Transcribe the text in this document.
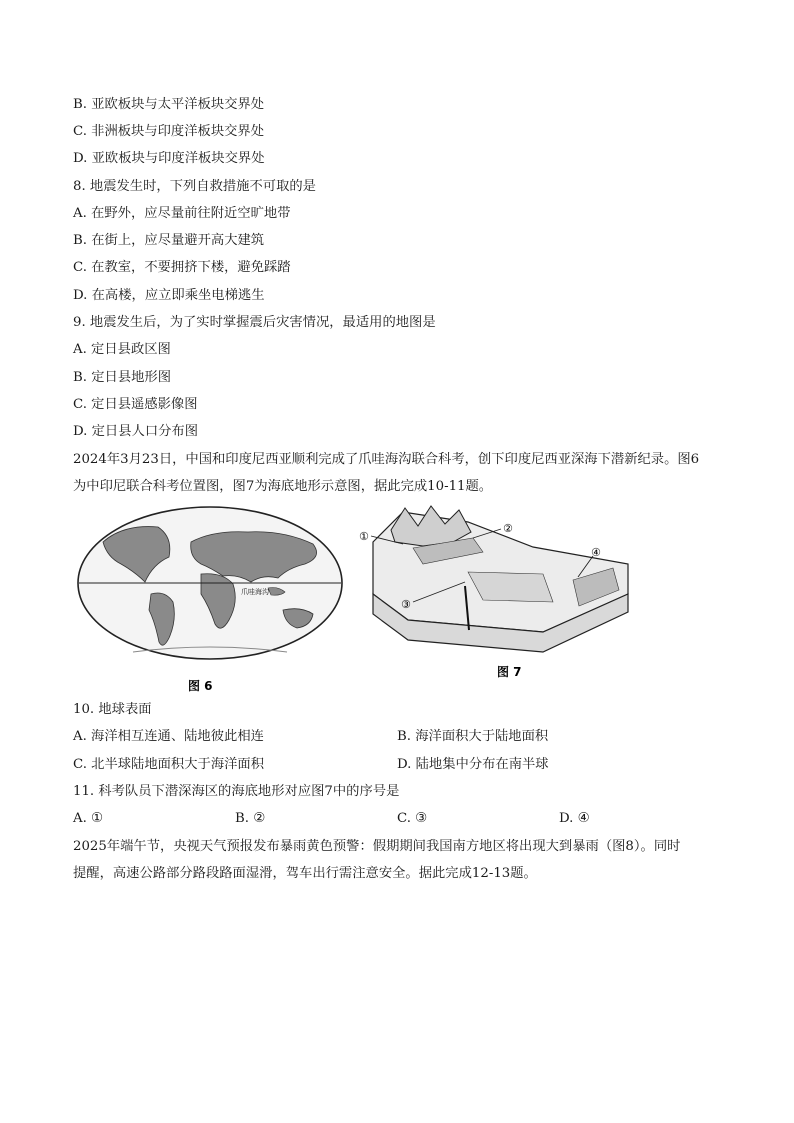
B. 亚欧板块与太平洋板块交界处
C. 非洲板块与印度洋板块交界处
D. 亚欧板块与印度洋板块交界处
8. 地震发生时，下列自救措施不可取的是
A. 在野外，应尽量前往附近空旷地带
B. 在街上，应尽量避开高大建筑
C. 在教室，不要拥挤下楼，避免踩踏
D. 在高楼，应立即乘坐电梯逃生
9. 地震发生后，为了实时掌握震后灾害情况，最适用的地图是
A. 定日县政区图
B. 定日县地形图
C. 定日县遥感影像图
D. 定日县人口分布图
2024年3月23日，中国和印度尼西亚顺利完成了爪哇海沟联合科考，创下印度尼西亚深海下潜新纪录。图6
为中印尼联合科考位置图，图7为海底地形示意图，据此完成10-11题。
爪哇海沟
图 6
①
②
③
④
图 7
10. 地球表面
A. 海洋相互连通、陆地彼此相连	B. 海洋面积大于陆地面积
C. 北半球陆地面积大于海洋面积	D. 陆地集中分布在南半球
11. 科考队员下潜深海区的海底地形对应图7中的序号是
A. ①	B. ②	C. ③	D. ④
2025年端午节，央视天气预报发布暴雨黄色预警：假期期间我国南方地区将出现大到暴雨（图8）。同时
提醒，高速公路部分路段路面湿滑，驾车出行需注意安全。据此完成12-13题。
